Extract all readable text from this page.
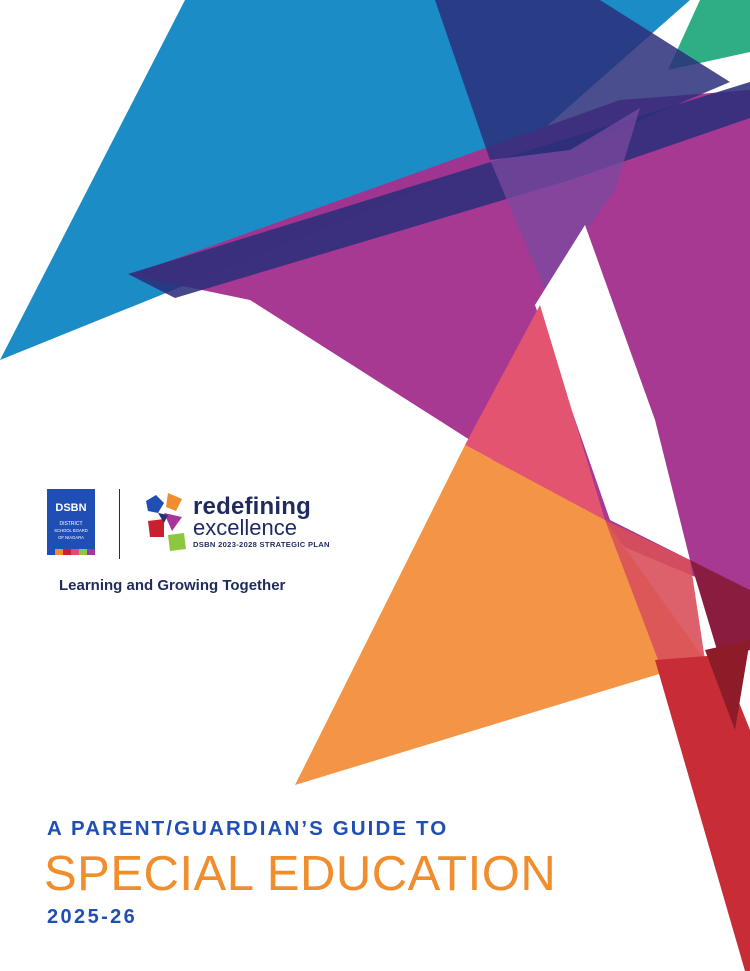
DSBN
DISTRICT
SCHOOL BOARD
OF NIAGARA
redefining
excellence
DSBN 2023-2028 STRATEGIC PLAN
Learning and Growing Together
A PARENT/GUARDIAN’S GUIDE TO
SPECIAL EDUCATION
2025-26
